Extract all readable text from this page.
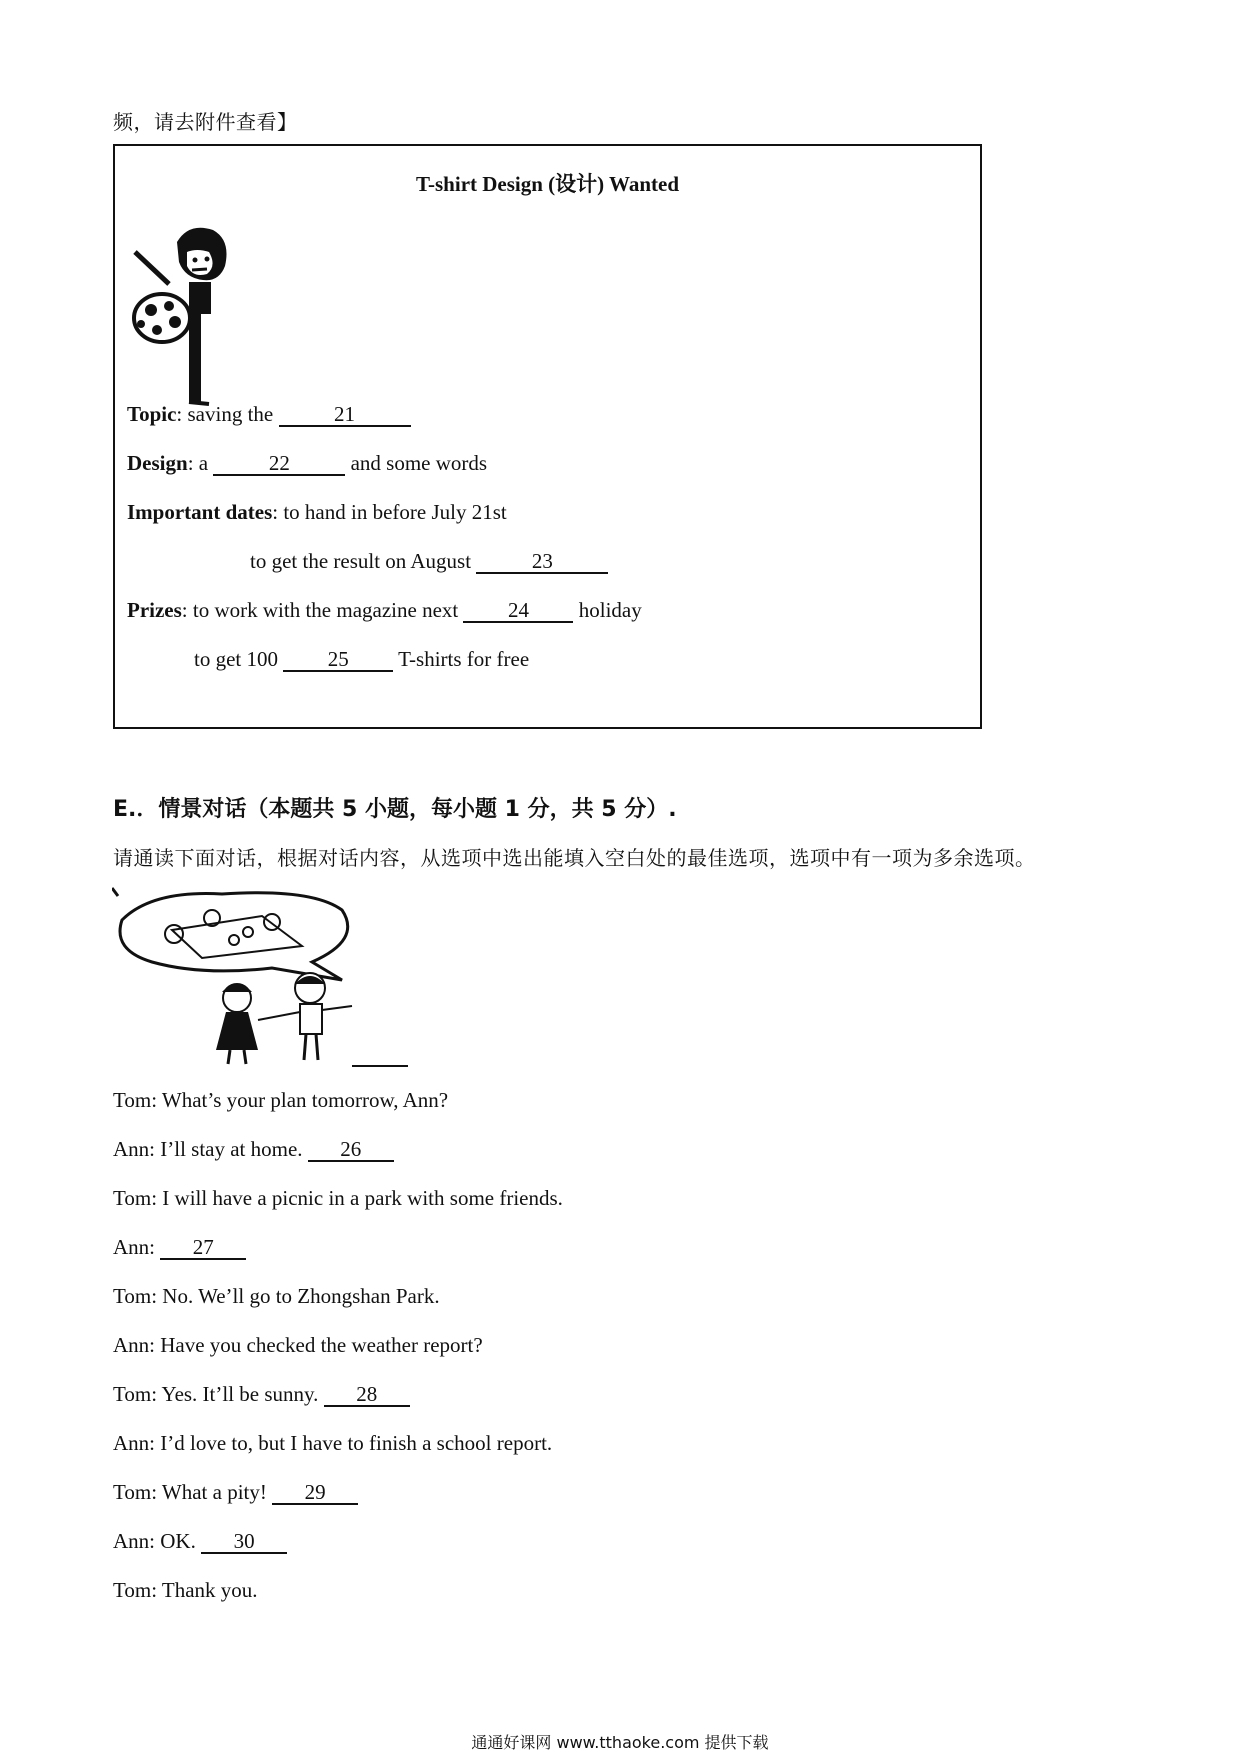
频，请去附件查看】
T-shirt Design (设计) Wanted
Topic: saving the	21
Design: a	22	and some words
Important dates: to hand in before July 21st
to get the result on August	23
Prizes: to work with the magazine next 24 holiday
to get 100 25 T-shirts for free
E.．情景对话（本题共 5 小题，每小题 1 分，共 5 分）.
请通读下面对话，根据对话内容，从选项中选出能填入空白处的最佳选项，选项中有一项为多余选项。
Tom: What’s your plan tomorrow, Ann?
Ann: I’ll stay at home. 26
Tom: I will have a picnic in a park with some friends.
Ann: 27
Tom: No. We’ll go to Zhongshan Park.
Ann: Have you checked the weather report?
Tom: Yes. It’ll be sunny. 28
Ann: I’d love to, but I have to finish a school report.
Tom: What a pity! 29
Ann: OK. 30
Tom: Thank you.
通通好课网 www.tthaoke.com 提供下载
